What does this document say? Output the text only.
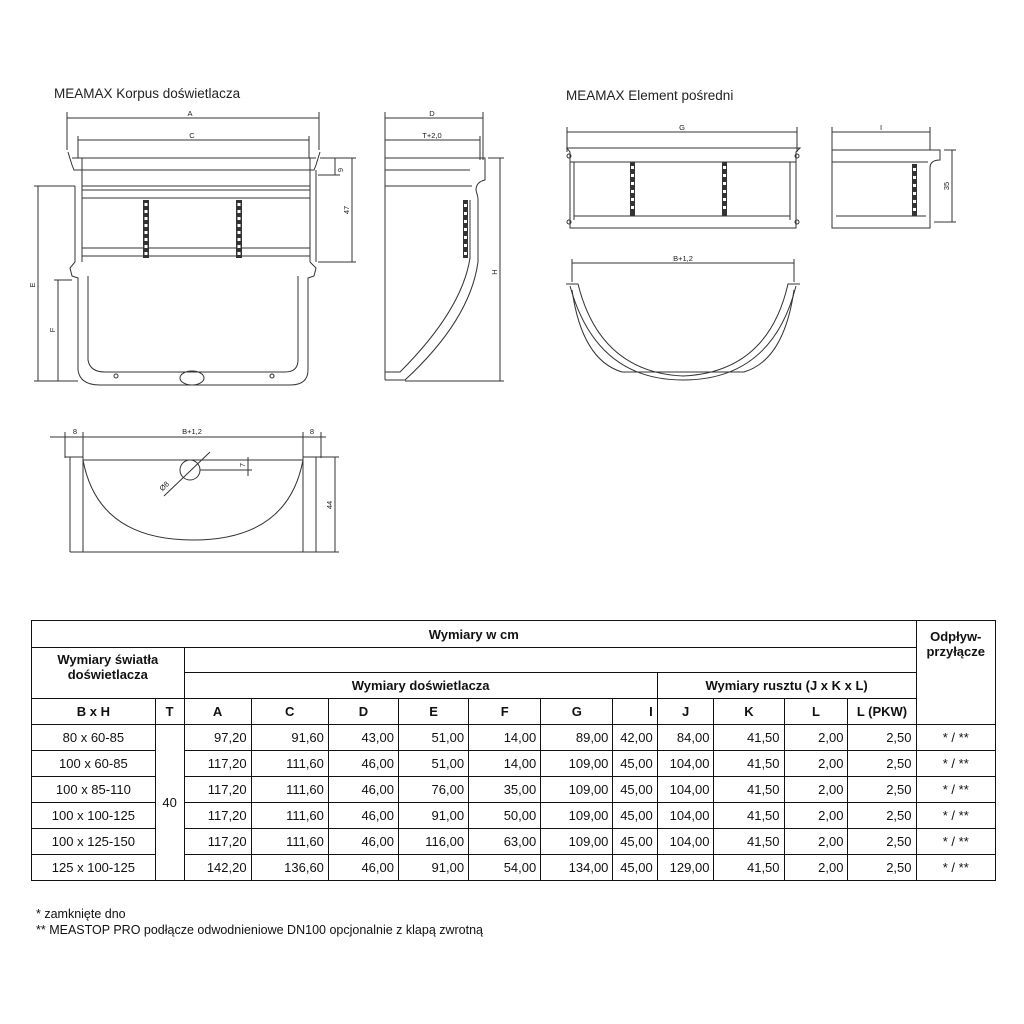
MEAMAX Korpus doświetlacza	MEAMAX Element pośredni
A
C
D
T+2,0
G	I
B+1,2
B+1,2
8	8
9
47
H
E
F
35
7
44
Ø8
Wymiary w cm													Odpływ-przyłącze
Wymiary światła doświetlacza													
		Wymiary doświetlacza							Wymiary rusztu (J x K x L)				
B x H	T	A	C	D	E	F	G	I	J	K	L	L (PKW)	
80 x 60-85	40	97,20	91,60	43,00	51,00	14,00	89,00	42,00	84,00	41,50	2,00	2,50	* / **
100 x 60-85		117,20	111,60	46,00	51,00	14,00	109,00	45,00	104,00	41,50	2,00	2,50	* / **
100 x 85-110		117,20	111,60	46,00	76,00	35,00	109,00	45,00	104,00	41,50	2,00	2,50	* / **
100 x 100-125		117,20	111,60	46,00	91,00	50,00	109,00	45,00	104,00	41,50	2,00	2,50	* / **
100 x 125-150		117,20	111,60	46,00	116,00	63,00	109,00	45,00	104,00	41,50	2,00	2,50	* / **
125 x 100-125		142,20	136,60	46,00	91,00	54,00	134,00	45,00	129,00	41,50	2,00	2,50	* / **
* zamknięte dno
** MEASTOP PRO podłącze odwodnieniowe DN100 opcjonalnie z klapą zwrotną
